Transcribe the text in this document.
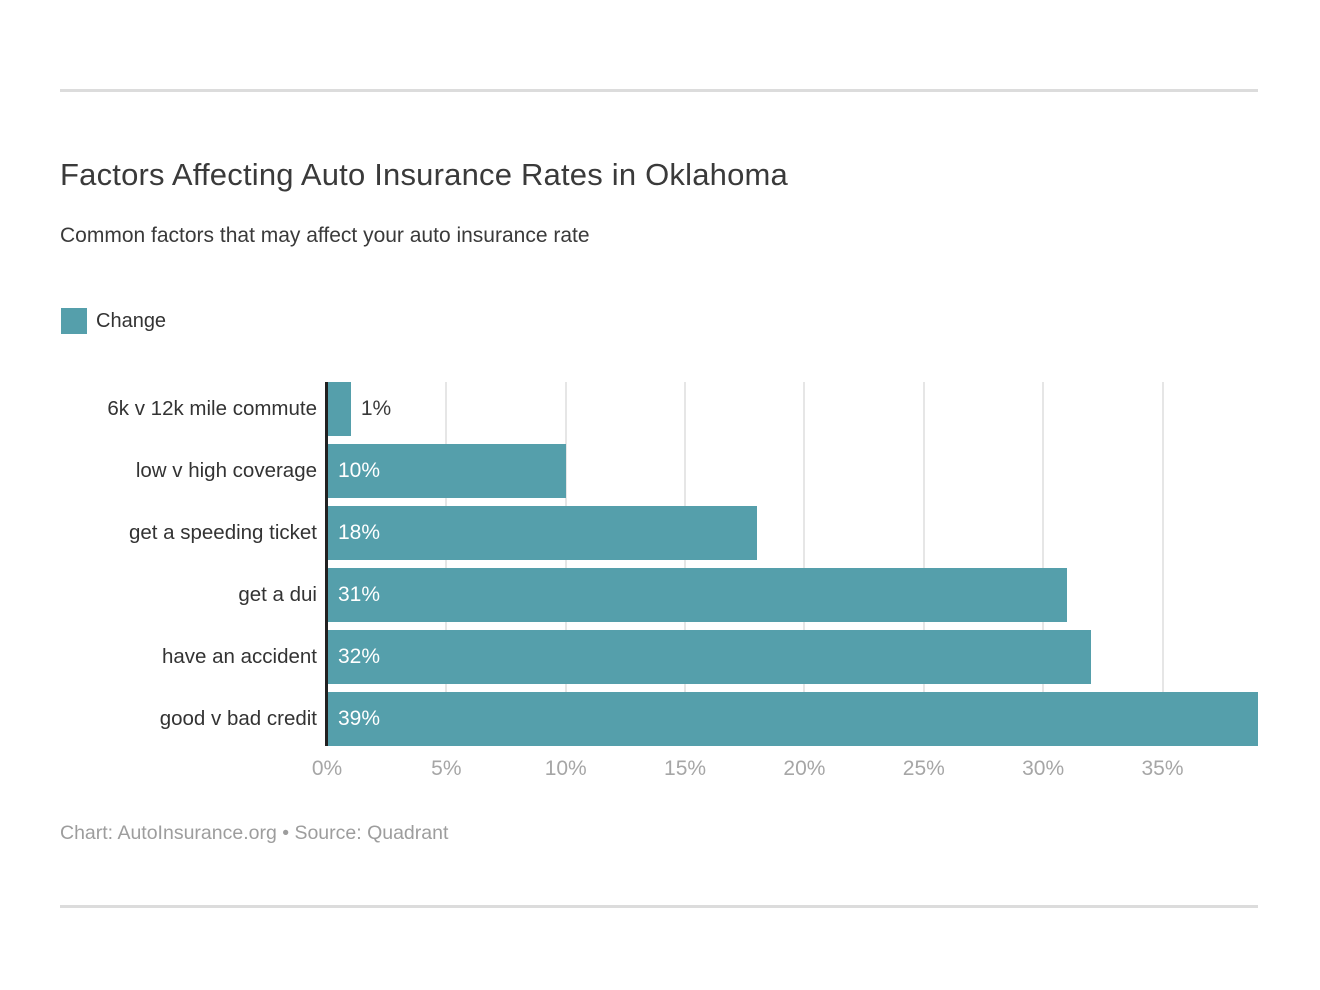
Factors Affecting Auto Insurance Rates in Oklahoma

Common factors that may affect your auto insurance rate

Change
1%
10%
18%
31%
32%
39%
0%	5%	10%	15%	20%	25%	30%	35%
6k v 12k mile commute
low v high coverage
get a speeding ticket
get a dui
have an accident
good v bad credit

Chart: AutoInsurance.org • Source: Quadrant
